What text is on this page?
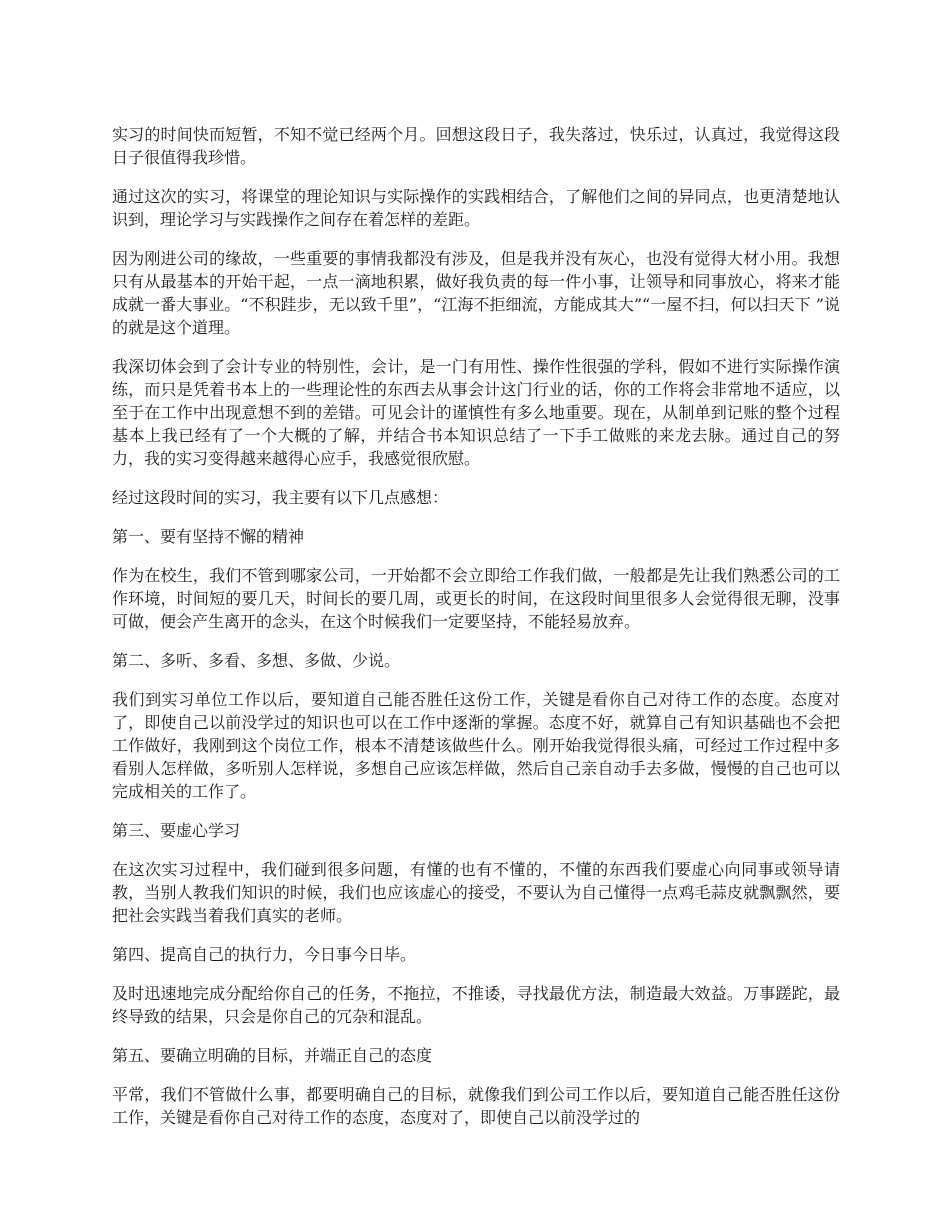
实习的时间快而短暂，不知不觉已经两个月。回想这段日子，我失落过，快乐过，认真过，我觉得这段日子很值得我珍惜。

通过这次的实习，将课堂的理论知识与实际操作的实践相结合，了解他们之间的异同点，也更清楚地认识到，理论学习与实践操作之间存在着怎样的差距。

因为刚进公司的缘故，一些重要的事情我都没有涉及，但是我并没有灰心，也没有觉得大材小用。我想只有从最基本的开始干起，一点一滴地积累，做好我负责的每一件小事，让领导和同事放心，将来才能成就一番大事业。“不积跬步，无以致千里”，“江海不拒细流，方能成其大”“一屋不扫，何以扫天下 ”说的就是这个道理。

我深切体会到了会计专业的特别性，会计，是一门有用性、操作性很强的学科，假如不进行实际操作演练，而只是凭着书本上的一些理论性的东西去从事会计这门行业的话，你的工作将会非常地不适应，以至于在工作中出现意想不到的差错。可见会计的谨慎性有多么地重要。现在，从制单到记账的整个过程基本上我已经有了一个大概的了解，并结合书本知识总结了一下手工做账的来龙去脉。通过自己的努力，我的实习变得越来越得心应手，我感觉很欣慰。

经过这段时间的实习，我主要有以下几点感想：

第一、要有坚持不懈的精神

作为在校生，我们不管到哪家公司，一开始都不会立即给工作我们做，一般都是先让我们熟悉公司的工作环境，时间短的要几天，时间长的要几周，或更长的时间，在这段时间里很多人会觉得很无聊，没事可做，便会产生离开的念头，在这个时候我们一定要坚持，不能轻易放弃。

第二、多听、多看、多想、多做、少说。

我们到实习单位工作以后，要知道自己能否胜任这份工作，关键是看你自己对待工作的态度。态度对了，即使自己以前没学过的知识也可以在工作中逐渐的掌握。态度不好，就算自己有知识基础也不会把工作做好，我刚到这个岗位工作，根本不清楚该做些什么。刚开始我觉得很头痛，可经过工作过程中多看别人怎样做，多听别人怎样说，多想自己应该怎样做，然后自己亲自动手去多做，慢慢的自己也可以完成相关的工作了。

第三、要虚心学习

在这次实习过程中，我们碰到很多问题，有懂的也有不懂的，不懂的东西我们要虚心向同事或领导请教，当别人教我们知识的时候，我们也应该虚心的接受，不要认为自己懂得一点鸡毛蒜皮就飘飘然，要把社会实践当着我们真实的老师。

第四、提高自己的执行力，今日事今日毕。

及时迅速地完成分配给你自己的任务，不拖拉，不推诿，寻找最优方法，制造最大效益。万事蹉跎，最终导致的结果，只会是你自己的冗杂和混乱。

第五、要确立明确的目标，并端正自己的态度

平常，我们不管做什么事，都要明确自己的目标，就像我们到公司工作以后，要知道自己能否胜任这份工作，关键是看你自己对待工作的态度，态度对了，即使自己以前没学过的
